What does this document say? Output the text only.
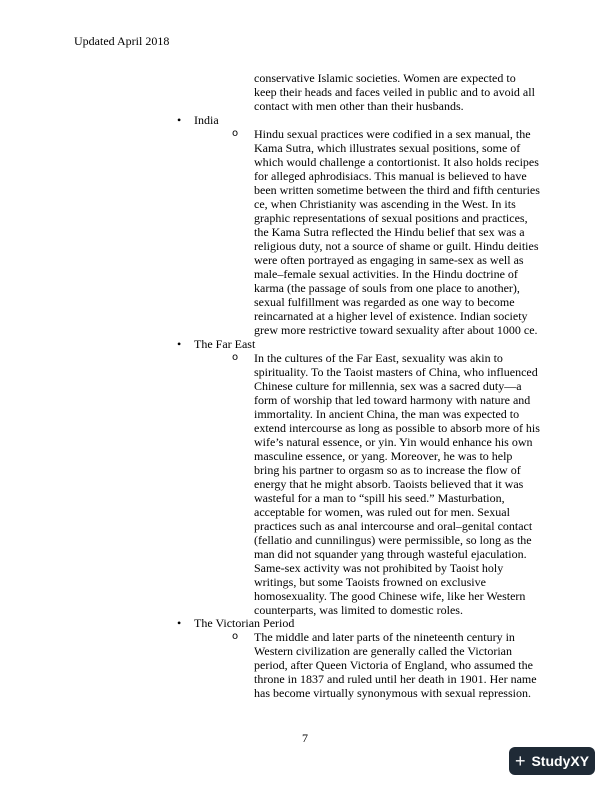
Updated April 2018
conservative Islamic societies. Women are expected to keep their heads and faces veiled in public and to avoid all contact with men other than their husbands.
• India
o Hindu sexual practices were codified in a sex manual, the Kama Sutra, which illustrates sexual positions, some of which would challenge a contortionist. It also holds recipes for alleged aphrodisiacs. This manual is believed to have been written sometime between the third and fifth centuries ce, when Christianity was ascending in the West. In its graphic representations of sexual positions and practices, the Kama Sutra reflected the Hindu belief that sex was a religious duty, not a source of shame or guilt. Hindu deities were often portrayed as engaging in same-sex as well as male–female sexual activities. In the Hindu doctrine of karma (the passage of souls from one place to another), sexual fulfillment was regarded as one way to become reincarnated at a higher level of existence. Indian society grew more restrictive toward sexuality after about 1000 ce.
• The Far East
o In the cultures of the Far East, sexuality was akin to spirituality. To the Taoist masters of China, who influenced Chinese culture for millennia, sex was a sacred duty—a form of worship that led toward harmony with nature and immortality. In ancient China, the man was expected to extend intercourse as long as possible to absorb more of his wife’s natural essence, or yin. Yin would enhance his own masculine essence, or yang. Moreover, he was to help bring his partner to orgasm so as to increase the flow of energy that he might absorb. Taoists believed that it was wasteful for a man to “spill his seed.” Masturbation, acceptable for women, was ruled out for men. Sexual practices such as anal intercourse and oral–genital contact (fellatio and cunnilingus) were permissible, so long as the man did not squander yang through wasteful ejaculation. Same-sex activity was not prohibited by Taoist holy writings, but some Taoists frowned on exclusive homosexuality. The good Chinese wife, like her Western counterparts, was limited to domestic roles.
• The Victorian Period
o The middle and later parts of the nineteenth century in Western civilization are generally called the Victorian period, after Queen Victoria of England, who assumed the throne in 1837 and ruled until her death in 1901. Her name has become virtually synonymous with sexual repression.
7
+ StudyXY
